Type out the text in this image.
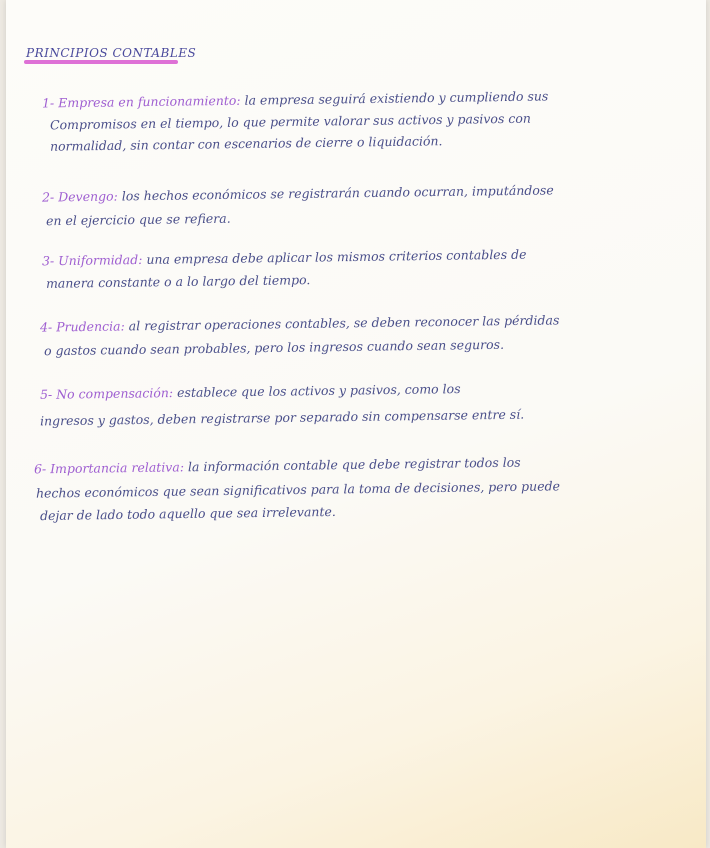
PRINCIPIOS CONTABLES
1- Empresa en funcionamiento: la empresa seguirá existiendo y cumpliendo sus
Compromisos en el tiempo, lo que permite valorar sus activos y pasivos con
normalidad, sin contar con escenarios de cierre o liquidación.
2- Devengo: los hechos económicos se registrarán cuando ocurran, imputándose
en el ejercicio que se refiera.
3- Uniformidad: una empresa debe aplicar los mismos criterios contables de
manera constante o a lo largo del tiempo.
4- Prudencia: al registrar operaciones contables, se deben reconocer las pérdidas
o gastos cuando sean probables, pero los ingresos cuando sean seguros.
5- No compensación: establece que los activos y pasivos, como los
ingresos y gastos, deben registrarse por separado sin compensarse entre sí.
6- Importancia relativa: la información contable que debe registrar todos los
hechos económicos que sean significativos para la toma de decisiones, pero puede
dejar de lado todo aquello que sea irrelevante.
